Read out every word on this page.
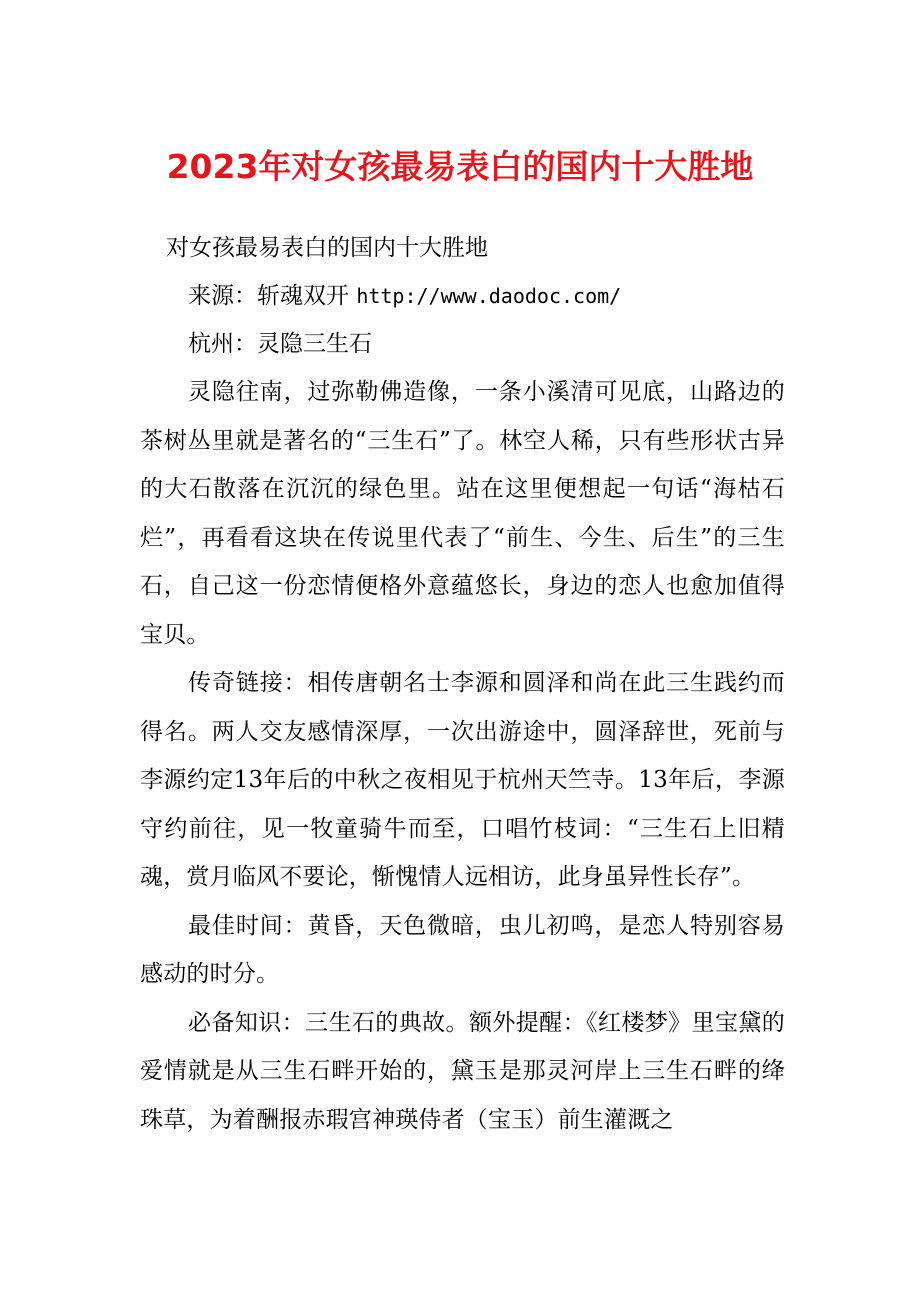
2023年对女孩最易表白的国内十大胜地

对女孩最易表白的国内十大胜地

来源：斩魂双开 http://www.daodoc.com/

杭州：灵隐三生石

灵隐往南，过弥勒佛造像，一条小溪清可见底，山路边的茶树丛里就是著名的“三生石”了。林空人稀，只有些形状古异的大石散落在沉沉的绿色里。站在这里便想起一句话“海枯石烂”，再看看这块在传说里代表了“前生、今生、后生”的三生石，自己这一份恋情便格外意蕴悠长，身边的恋人也愈加值得宝贝。

传奇链接：相传唐朝名士李源和圆泽和尚在此三生践约而得名。两人交友感情深厚，一次出游途中，圆泽辞世，死前与李源约定13年后的中秋之夜相见于杭州天竺寺。13年后，李源守约前往，见一牧童骑牛而至，口唱竹枝词：“三生石上旧精魂，赏月临风不要论，惭愧情人远相访，此身虽异性长存”。

最佳时间：黄昏，天色微暗，虫儿初鸣，是恋人特别容易感动的时分。

必备知识：三生石的典故。额外提醒：《红楼梦》里宝黛的爱情就是从三生石畔开始的，黛玉是那灵河岸上三生石畔的绛珠草，为着酬报赤瑕宫神瑛侍者（宝玉）前生灌溉之
